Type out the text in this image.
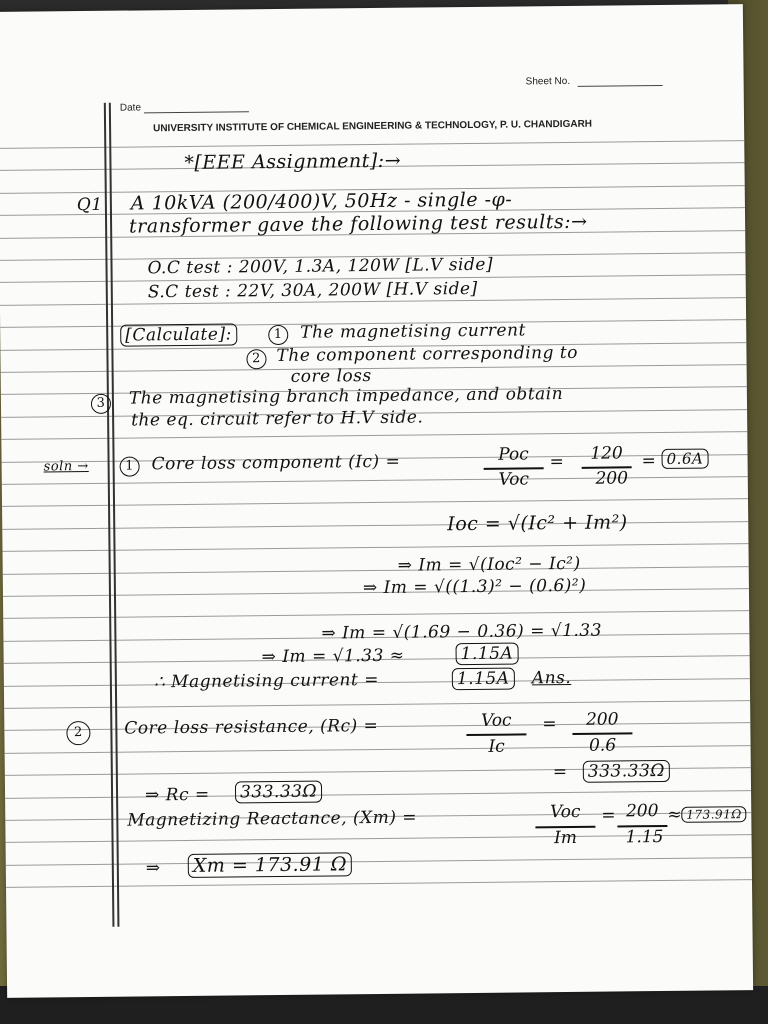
Sheet No.
Date
UNIVERSITY INSTITUTE OF CHEMICAL ENGINEERING & TECHNOLOGY, P. U. CHANDIGARH
*[EEE Assignment]:→
Q1 A 10kVA (200/400)V, 50Hz - single -φ-
transformer gave the following test results:→
O.C test : 200V, 1.3A, 120W [L.V side]
S.C test : 22V, 30A, 200W [H.V side]
[Calculate]:	1	The magnetising current
2 The component corresponding to
core loss
3	The magnetising branch impedance, and obtain
the eq. circuit refer to H.V side.
soln →	1	Core loss component (Ic) =	Poc
Voc
=	120
200
= 0.6A
Ioc = √(Ic² + Im²)
⇒ Im = √(Ioc² − Ic²)
⇒ Im = √((1.3)² − (0.6)²)
⇒ Im = √(1.69 − 0.36) = √1.33
⇒ Im = √1.33 ≈	1.15A
∴ Magnetising current =	1.15A Ans.
2	Core loss resistance, (Rc) =	Voc
Ic
=	200
0.6
= 333.33Ω
⇒ Rc = 333.33Ω
Magnetizing Reactance, (Xm) =	Voc
Im
= 200
1.15
≈ 173.91Ω
⇒ Xm = 173.91 Ω
